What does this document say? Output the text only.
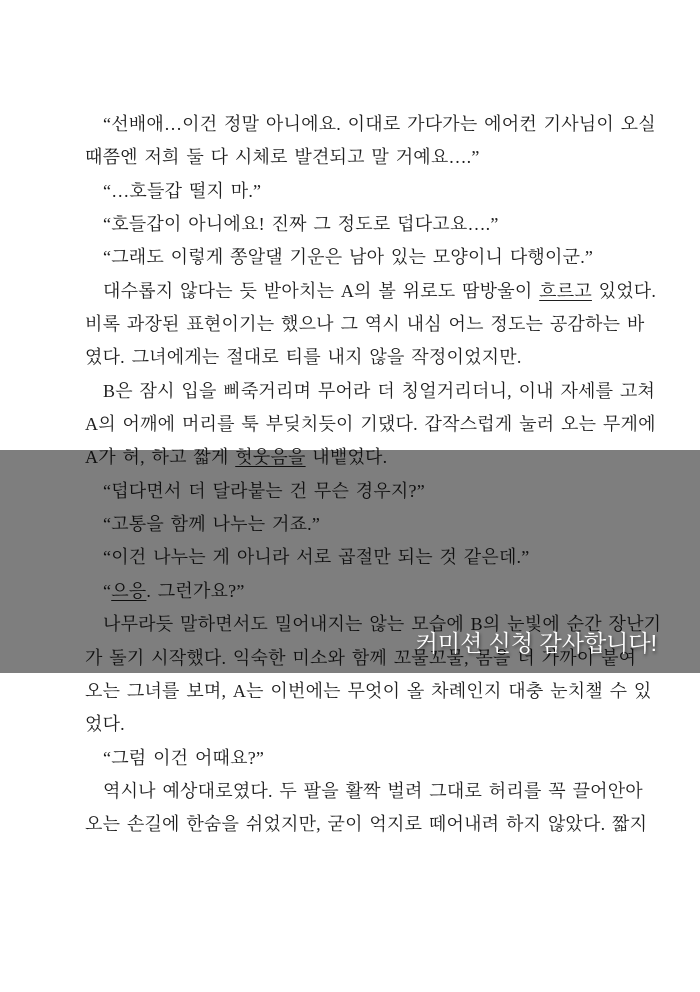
“선배애…이건 정말 아니에요. 이대로 가다가는 에어컨 기사님이 오실
때쯤엔 저희 둘 다 시체로 발견되고 말 거예요….”
“…호들갑 떨지 마.”
“호들갑이 아니에요! 진짜 그 정도로 덥다고요….”
“그래도 이렇게 쫑알댈 기운은 남아 있는 모양이니 다행이군.”
대수롭지 않다는 듯 받아치는 A의 볼 위로도 땀방울이 흐르고 있었다.
비록 과장된 표현이기는 했으나 그 역시 내심 어느 정도는 공감하는 바
였다. 그녀에게는 절대로 티를 내지 않을 작정이었지만.
B은 잠시 입을 삐죽거리며 무어라 더 칭얼거리더니, 이내 자세를 고쳐
A의 어깨에 머리를 툭 부딪치듯이 기댔다. 갑작스럽게 눌러 오는 무게에
오는 그녀를 보며, A는 이번에는 무엇이 올 차례인지 대충 눈치챌 수 있
었다.
“그럼 이건 어때요?”
역시나 예상대로였다. 두 팔을 활짝 벌려 그대로 허리를 꼭 끌어안아
오는 손길에 한숨을 쉬었지만, 굳이 억지로 떼어내려 하지 않았다. 짧지
커미션 신청 감사합니다!
